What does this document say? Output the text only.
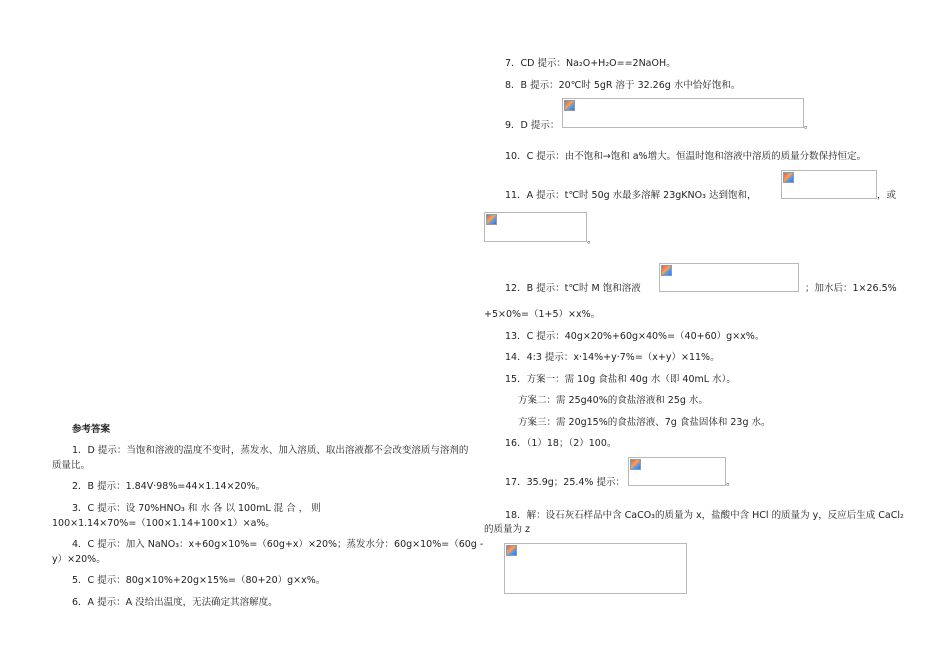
参考答案
1．D 提示：当饱和溶液的温度不变时，蒸发水、加入溶质、取出溶液都不会改变溶质与溶剂的
质量比。
2．B 提示：1.84V·98%=44×1.14×20%。
3．C 提示：设 70%HNO₃ 和 水 各 以 100mL 混 合 ， 则
100×1.14×70%=（100×1.14+100×1）×a%。
4．C 提示：加入 NaNO₃：x+60g×10%=（60g+x）×20%；蒸发水分：60g×10%=（60g -
y）×20%。
5．C 提示：80g×10%+20g×15%=（80+20）g×x%。
6．A 提示：A 没给出温度，无法确定其溶解度。
7．CD 提示：Na₂O+H₂O==2NaOH。
8．B 提示：20℃时 5gR 溶于 32.26g 水中恰好饱和。
9．D 提示：	。
10．C 提示：由不饱和→饱和 a%增大。恒温时饱和溶液中溶质的质量分数保持恒定。
11．A 提示：t℃时 50g 水最多溶解 23gKNO₃ 达到饱和，	，或
。
12．B 提示：t℃时 M 饱和溶液	；加水后：1×26.5%
+5×0%=（1+5）×x%。
13．C 提示：40g×20%+60g×40%=（40+60）g×x%。
14．4:3 提示：x·14%+y·7%=（x+y）×11%。
15．方案一：需 10g 食盐和 40g 水（即 40mL 水）。
方案二：需 25g40%的食盐溶液和 25g 水。
方案三：需 20g15%的食盐溶液、7g 食盐固体和 23g 水。
16．（1）18；（2）100。
17．35.9g；25.4% 提示：	。
18．解：设石灰石样品中含 CaCO₃的质量为 x，盐酸中含 HCl 的质量为 y，反应后生成 CaCl₂
的质量为 z
